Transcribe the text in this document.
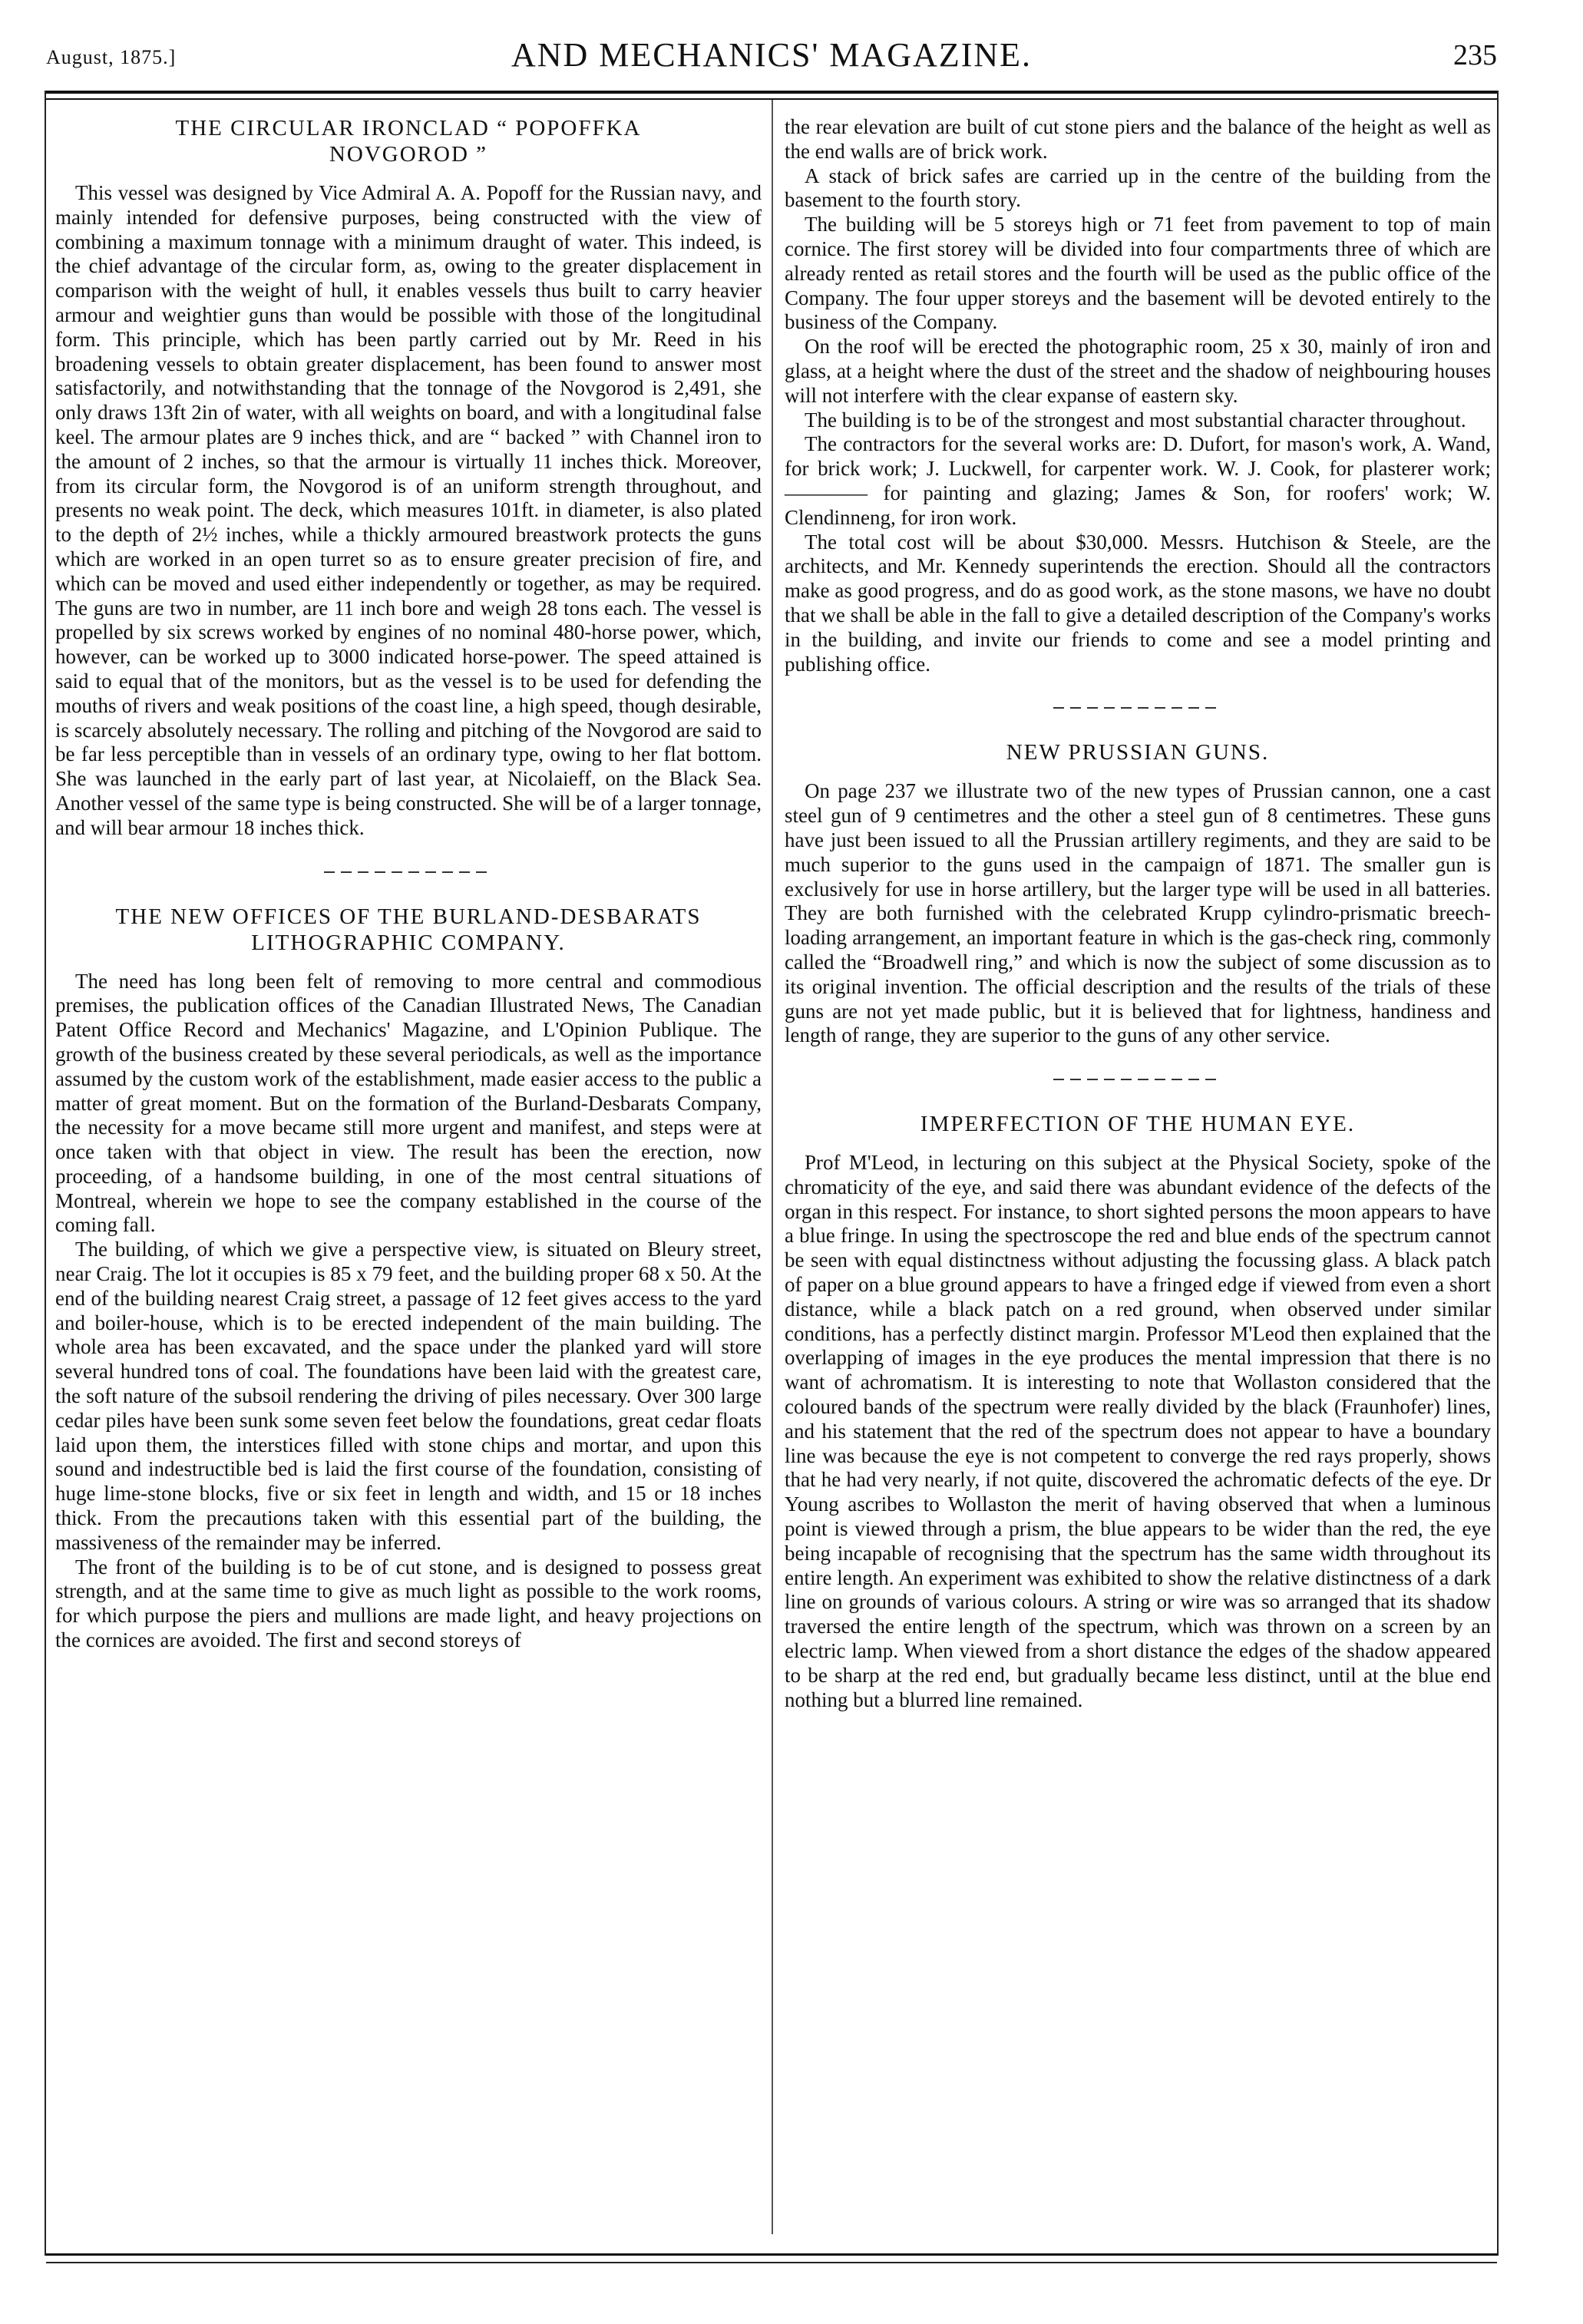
August, 1875.]	AND MECHANICS' MAGAZINE.	235
THE CIRCULAR IRONCLAD “ POPOFFKA
NOVGOROD ”

This vessel was designed by Vice Admiral A. A. Popoff for the Russian navy, and mainly intended for defensive purposes, being constructed with the view of combining a maximum tonnage with a minimum draught of water. This indeed, is the chief advantage of the circular form, as, owing to the greater displacement in comparison with the weight of hull, it enables vessels thus built to carry heavier armour and weightier guns than would be possible with those of the longitudinal form. This principle, which has been partly carried out by Mr. Reed in his broadening vessels to obtain greater displacement, has been found to answer most satisfactorily, and notwithstanding that the tonnage of the Novgorod is 2,491, she only draws 13ft 2in of water, with all weights on board, and with a longitudinal false keel. The armour plates are 9 inches thick, and are “ backed ” with Channel iron to the amount of 2 inches, so that the armour is virtually 11 inches thick. Moreover, from its circular form, the Novgorod is of an uniform strength throughout, and presents no weak point. The deck, which measures 101ft. in diameter, is also plated to the depth of 2½ inches, while a thickly armoured breastwork protects the guns which are worked in an open turret so as to ensure greater precision of fire, and which can be moved and used either independently or together, as may be required. The guns are two in number, are 11 inch bore and weigh 28 tons each. The vessel is propelled by six screws worked by engines of no nominal 480-horse power, which, however, can be worked up to 3000 indicated horse-power. The speed attained is said to equal that of the monitors, but as the vessel is to be used for defending the mouths of rivers and weak positions of the coast line, a high speed, though desirable, is scarcely absolutely necessary. The rolling and pitching of the Novgorod are said to be far less perceptible than in vessels of an ordinary type, owing to her flat bottom. She was launched in the early part of last year, at Nicolaieff, on the Black Sea. Another vessel of the same type is being constructed. She will be of a larger tonnage, and will bear armour 18 inches thick.

THE NEW OFFICES OF THE BURLAND-DESBARATS
LITHOGRAPHIC COMPANY.

The need has long been felt of removing to more central and commodious premises, the publication offices of the Canadian Illustrated News, The Canadian Patent Office Record and Mechanics' Magazine, and L'Opinion Publique. The growth of the business created by these several periodicals, as well as the importance assumed by the custom work of the establishment, made easier access to the public a matter of great moment. But on the formation of the Burland-Desbarats Company, the necessity for a move became still more urgent and manifest, and steps were at once taken with that object in view. The result has been the erection, now proceeding, of a handsome building, in one of the most central situations of Montreal, wherein we hope to see the company established in the course of the coming fall.

The building, of which we give a perspective view, is situated on Bleury street, near Craig. The lot it occupies is 85 x 79 feet, and the building proper 68 x 50. At the end of the building nearest Craig street, a passage of 12 feet gives access to the yard and boiler-house, which is to be erected independent of the main building. The whole area has been excavated, and the space under the planked yard will store several hundred tons of coal. The foundations have been laid with the greatest care, the soft nature of the subsoil rendering the driving of piles necessary. Over 300 large cedar piles have been sunk some seven feet below the foundations, great cedar floats laid upon them, the interstices filled with stone chips and mortar, and upon this sound and indestructible bed is laid the first course of the foundation, consisting of huge lime-stone blocks, five or six feet in length and width, and 15 or 18 inches thick. From the precautions taken with this essential part of the building, the massiveness of the remainder may be inferred.

The front of the building is to be of cut stone, and is designed to possess great strength, and at the same time to give as much light as possible to the work rooms, for which purpose the piers and mullions are made light, and heavy projections on the cornices are avoided. The first and second storeys of

the rear elevation are built of cut stone piers and the balance of the height as well as the end walls are of brick work.

A stack of brick safes are carried up in the centre of the building from the basement to the fourth story.

The building will be 5 storeys high or 71 feet from pavement to top of main cornice. The first storey will be divided into four compartments three of which are already rented as retail stores and the fourth will be used as the public office of the Company. The four upper storeys and the basement will be devoted entirely to the business of the Company.

On the roof will be erected the photographic room, 25 x 30, mainly of iron and glass, at a height where the dust of the street and the shadow of neighbouring houses will not interfere with the clear expanse of eastern sky.

The building is to be of the strongest and most substantial character throughout.

The contractors for the several works are: D. Dufort, for mason's work, A. Wand, for brick work; J. Luckwell, for carpenter work. W. J. Cook, for plasterer work; ———— for painting and glazing; James & Son, for roofers' work; W. Clendinneng, for iron work.

The total cost will be about $30,000. Messrs. Hutchison & Steele, are the architects, and Mr. Kennedy superintends the erection. Should all the contractors make as good progress, and do as good work, as the stone masons, we have no doubt that we shall be able in the fall to give a detailed description of the Company's works in the building, and invite our friends to come and see a model printing and publishing office.

NEW PRUSSIAN GUNS.

On page 237 we illustrate two of the new types of Prussian cannon, one a cast steel gun of 9 centimetres and the other a steel gun of 8 centimetres. These guns have just been issued to all the Prussian artillery regiments, and they are said to be much superior to the guns used in the campaign of 1871. The smaller gun is exclusively for use in horse artillery, but the larger type will be used in all batteries. They are both furnished with the celebrated Krupp cylindro-prismatic breech-loading arrangement, an important feature in which is the gas-check ring, commonly called the “Broadwell ring,” and which is now the subject of some discussion as to its original invention. The official description and the results of the trials of these guns are not yet made public, but it is believed that for lightness, handiness and length of range, they are superior to the guns of any other service.

IMPERFECTION OF THE HUMAN EYE.

Prof M'Leod, in lecturing on this subject at the Physical Society, spoke of the chromaticity of the eye, and said there was abundant evidence of the defects of the organ in this respect. For instance, to short sighted persons the moon appears to have a blue fringe. In using the spectroscope the red and blue ends of the spectrum cannot be seen with equal distinctness without adjusting the focussing glass. A black patch of paper on a blue ground appears to have a fringed edge if viewed from even a short distance, while a black patch on a red ground, when observed under similar conditions, has a perfectly distinct margin. Professor M'Leod then explained that the overlapping of images in the eye produces the mental impression that there is no want of achromatism. It is interesting to note that Wollaston considered that the coloured bands of the spectrum were really divided by the black (Fraunhofer) lines, and his statement that the red of the spectrum does not appear to have a boundary line was because the eye is not competent to converge the red rays properly, shows that he had very nearly, if not quite, discovered the achromatic defects of the eye. Dr Young ascribes to Wollaston the merit of having observed that when a luminous point is viewed through a prism, the blue appears to be wider than the red, the eye being incapable of recognising that the spectrum has the same width throughout its entire length. An experiment was exhibited to show the relative distinctness of a dark line on grounds of various colours. A string or wire was so arranged that its shadow traversed the entire length of the spectrum, which was thrown on a screen by an electric lamp. When viewed from a short distance the edges of the shadow appeared to be sharp at the red end, but gradually became less distinct, until at the blue end nothing but a blurred line remained.
